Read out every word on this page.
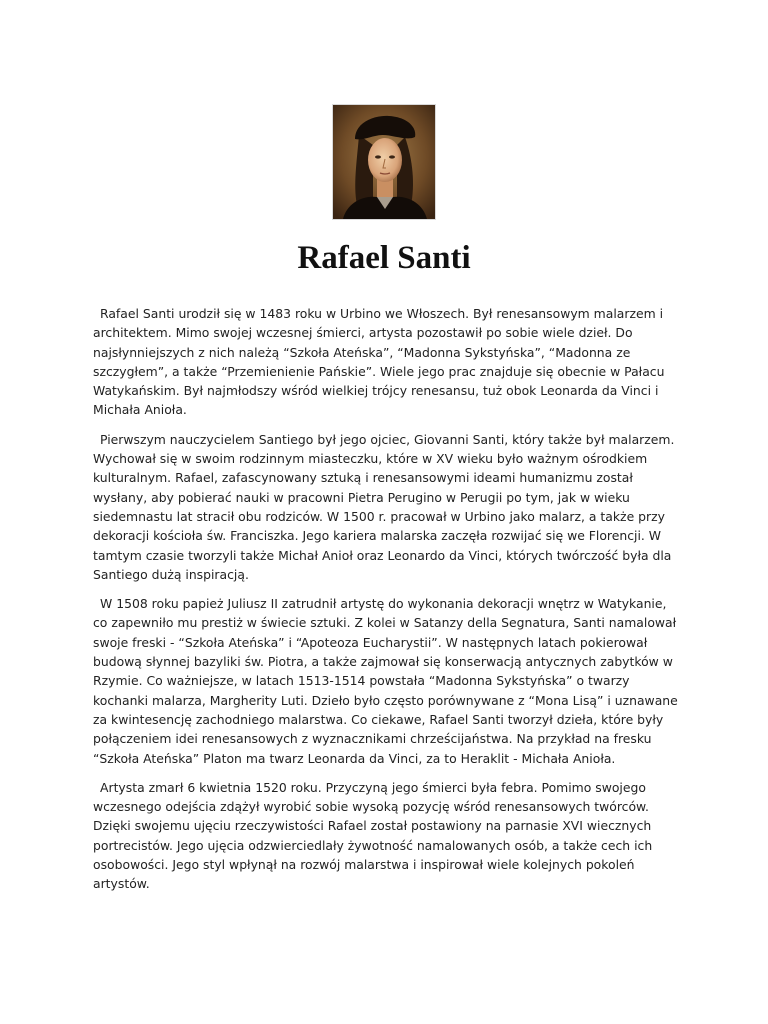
Rafael Santi

Rafael Santi urodził się w 1483 roku w Urbino we Włoszech. Był renesansowym malarzem i architektem. Mimo swojej wczesnej śmierci, artysta pozostawił po sobie wiele dzieł. Do najsłynniejszych z nich należą “Szkoła Ateńska”, “Madonna Sykstyńska”, “Madonna ze szczygłem”, a także “Przemienienie Pańskie”. Wiele jego prac znajduje się obecnie w Pałacu Watykańskim. Był najmłodszy wśród wielkiej trójcy renesansu, tuż obok Leonarda da Vinci i Michała Anioła.

Pierwszym nauczycielem Santiego był jego ojciec, Giovanni Santi, który także był malarzem. Wychował się w swoim rodzinnym miasteczku, które w XV wieku było ważnym ośrodkiem kulturalnym. Rafael, zafascynowany sztuką i renesansowymi ideami humanizmu został wysłany, aby pobierać nauki w pracowni Pietra Perugino w Perugii po tym, jak w wieku siedemnastu lat stracił obu rodziców. W 1500 r. pracował w Urbino jako malarz, a także przy dekoracji kościoła św. Franciszka. Jego kariera malarska zaczęła rozwijać się we Florencji. W tamtym czasie tworzyli także Michał Anioł oraz Leonardo da Vinci, których twórczość była dla Santiego dużą inspiracją.

W 1508 roku papież Juliusz II zatrudnił artystę do wykonania dekoracji wnętrz w Watykanie, co zapewniło mu prestiż w świecie sztuki. Z kolei w Satanzy della Segnatura, Santi namalował swoje freski - “Szkoła Ateńska” i “Apoteoza Eucharystii”. W następnych latach pokierował budową słynnej bazyliki św. Piotra, a także zajmował się konserwacją antycznych zabytków w Rzymie. Co ważniejsze, w latach 1513-1514 powstała “Madonna Sykstyńska” o twarzy kochanki malarza, Margherity Luti. Dzieło było często porównywane z “Mona Lisą” i uznawane za kwintesencję zachodniego malarstwa. Co ciekawe, Rafael Santi tworzył dzieła, które były połączeniem idei renesansowych z wyznacznikami chrześcijaństwa. Na przykład na fresku “Szkoła Ateńska” Platon ma twarz Leonarda da Vinci, za to Heraklit - Michała Anioła.

Artysta zmarł 6 kwietnia 1520 roku. Przyczyną jego śmierci była febra. Pomimo swojego wczesnego odejścia zdążył wyrobić sobie wysoką pozycję wśród renesansowych twórców. Dzięki swojemu ujęciu rzeczywistości Rafael został postawiony na parnasie XVI wiecznych portrecistów. Jego ujęcia odzwierciedlały żywotność namalowanych osób, a także cech ich osobowości. Jego styl wpłynął na rozwój malarstwa i inspirował wiele kolejnych pokoleń artystów.
